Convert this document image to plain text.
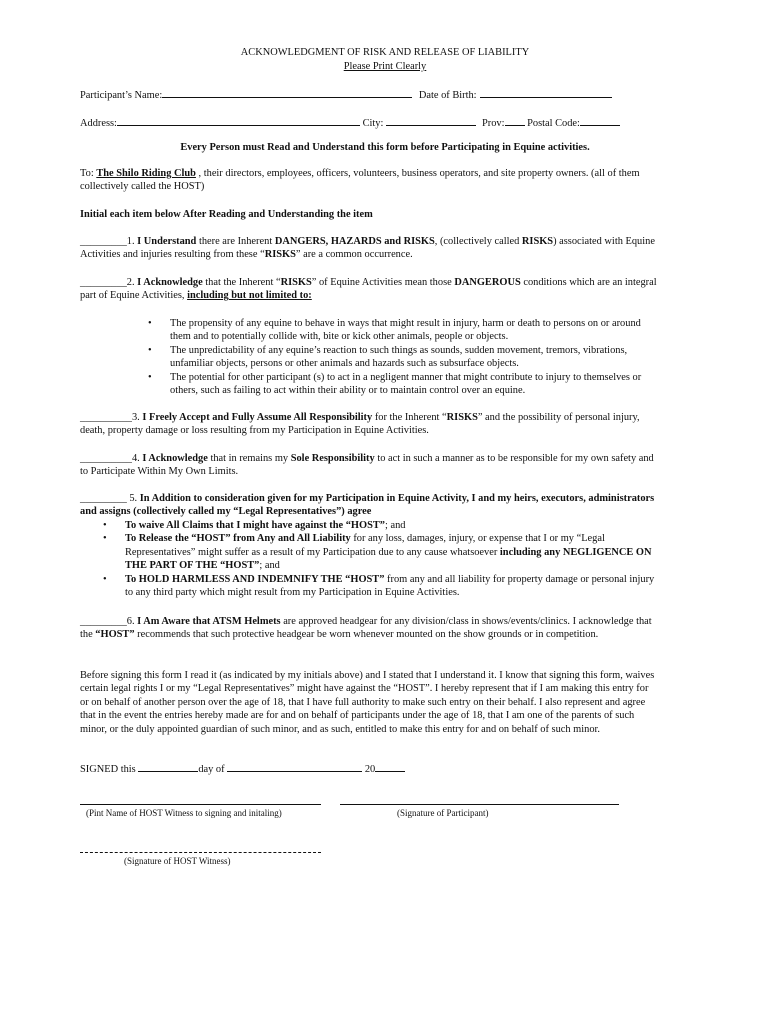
ACKNOWLEDGMENT OF RISK AND RELEASE OF LIABILITY
Please Print Clearly
Participant’s Name:	Date of Birth:
Address:	City:	Prov: Postal Code:
Every Person must Read and Understand this form before Participating in Equine activities.
To: The Shilo Riding Club , their directors, employees, officers, volunteers, business operators, and site property owners. (all of them collectively called the HOST)
Initial each item below After Reading and Understanding the item
_________1. I Understand there are Inherent DANGERS, HAZARDS and RISKS, (collectively called RISKS) associated with Equine Activities and injuries resulting from these “RISKS” are a common occurrence.
_________2. I Acknowledge that the Inherent “RISKS” of Equine Activities mean those DANGEROUS conditions which are an integral part of Equine Activities, including but not limited to:
• The propensity of any equine to behave in ways that might result in injury, harm or death to persons on or around them and to potentially collide with, bite or kick other animals, people or objects.
• The unpredictability of any equine’s reaction to such things as sounds, sudden movement, tremors, vibrations, unfamiliar objects, persons or other animals and hazards such as subsurface objects.
• The potential for other participant (s) to act in a negligent manner that might contribute to injury to themselves or others, such as failing to act within their ability or to maintain control over an equine.
__________3. I Freely Accept and Fully Assume All Responsibility for the Inherent “RISKS” and the possibility of personal injury, death, property damage or loss resulting from my Participation in Equine Activities.
__________4. I Acknowledge that in remains my Sole Responsibility to act in such a manner as to be responsible for my own safety and to Participate Within My Own Limits.
_________ 5. In Addition to consideration given for my Participation in Equine Activity, I and my heirs, executors, administrators and assigns (collectively called my “Legal Representatives”) agree
• To waive All Claims that I might have against the “HOST”; and
• To Release the “HOST” from Any and All Liability for any loss, damages, injury, or expense that I or my “Legal Representatives” might suffer as a result of my Participation due to any cause whatsoever including any NEGLIGENCE ON THE PART OF THE “HOST”; and
• To HOLD HARMLESS AND INDEMNIFY THE “HOST” from any and all liability for property damage or personal injury to any third party which might result from my Participation in Equine Activities.
_________6. I Am Aware that ATSM Helmets are approved headgear for any division/class in shows/events/clinics. I acknowledge that the “HOST” recommends that such protective headgear be worn whenever mounted on the show grounds or in competition.
Before signing this form I read it (as indicated by my initials above) and I stated that I understand it. I know that signing this form, waives certain legal rights I or my “Legal Representatives” might have against the “HOST”. I hereby represent that if I am making this entry for or on behalf of another person over the age of 18, that I have full authority to make such entry on their behalf. I also represent and agree that in the event the entries hereby made are for and on behalf of participants under the age of 18, that I am one of the parents of such minor, or the duly appointed guardian of such minor, and as such, entitled to make this entry for and on behalf of such minor.
SIGNED this	day of	20
(Pint Name of HOST Witness to signing and initaling)	(Signature of Participant)
(Signature of HOST Witness)
